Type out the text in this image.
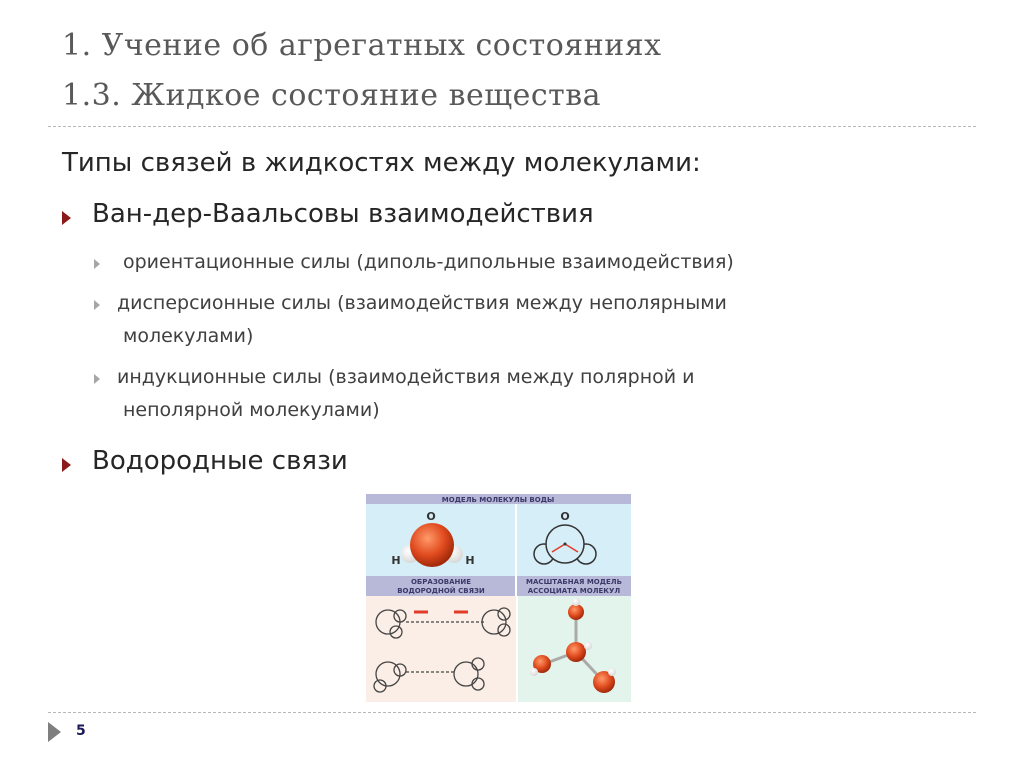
1. Учение об агрегатных состояниях
1.3. Жидкое состояние вещества
Типы связей в жидкостях между молекулами:
Ван-дер-Ваальсовы взаимодействия
ориентационные силы (диполь-дипольные взаимодействия)
дисперсионные силы (взаимодействия между неполярными
молекулами)
индукционные силы (взаимодействия между полярной и
неполярной молекулами)
Водородные связи
МОДЕЛЬ МОЛЕКУЛЫ ВОДЫ
O
H	H
O
ОБРАЗОВАНИЕ
ВОДОРОДНОЙ СВЯЗИ
МАСШТАБНАЯ МОДЕЛЬ
АССОЦИАТА МОЛЕКУЛ
5
